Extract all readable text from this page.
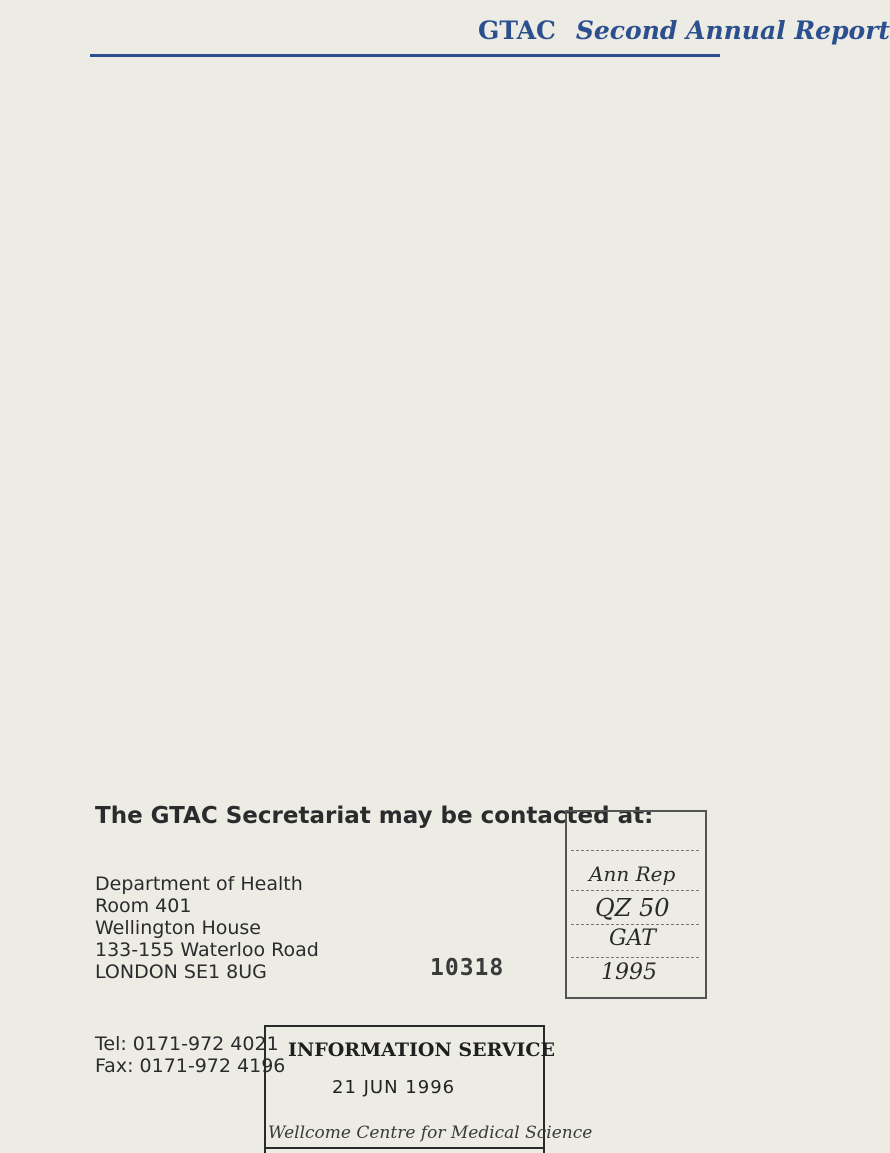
GTAC Second Annual Report
The GTAC Secretariat may be contacted at:
Department of Health
Room 401
Wellington House
133-155 Waterloo Road
LONDON SE1 8UG	10318
Tel: 0171-972 4021
Fax: 0171-972 4196
INFORMATION SERVICE
21 JUN 1996
Wellcome Centre for Medical Science
Ann Rep
QZ 50
GAT
1995
